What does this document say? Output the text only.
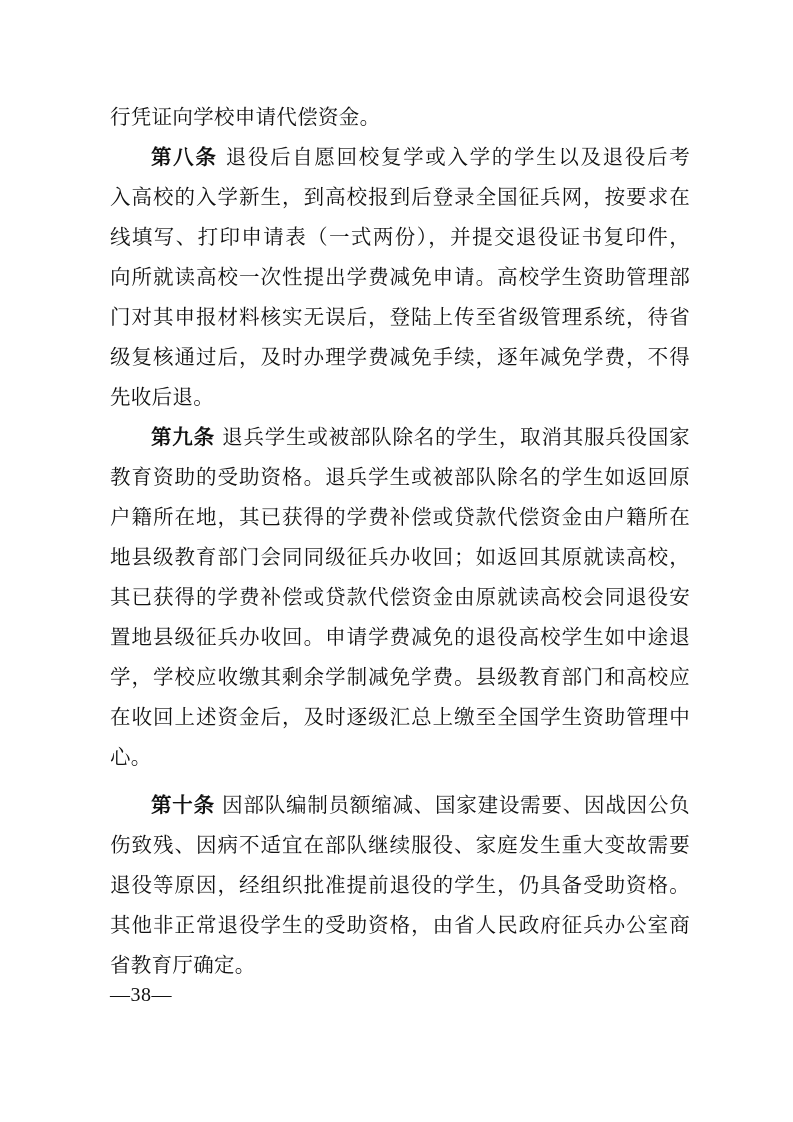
行凭证向学校申请代偿资金。
第八条 退役后自愿回校复学或入学的学生以及退役后考
入高校的入学新生，到高校报到后登录全国征兵网，按要求在
线填写、打印申请表（一式两份），并提交退役证书复印件，
向所就读高校一次性提出学费减免申请。高校学生资助管理部
门对其申报材料核实无误后，登陆上传至省级管理系统，待省
级复核通过后，及时办理学费减免手续，逐年减免学费，不得
先收后退。
第九条 退兵学生或被部队除名的学生，取消其服兵役国家
教育资助的受助资格。退兵学生或被部队除名的学生如返回原
户籍所在地，其已获得的学费补偿或贷款代偿资金由户籍所在
地县级教育部门会同同级征兵办收回；如返回其原就读高校，
其已获得的学费补偿或贷款代偿资金由原就读高校会同退役安
置地县级征兵办收回。申请学费减免的退役高校学生如中途退
学，学校应收缴其剩余学制减免学费。县级教育部门和高校应
在收回上述资金后，及时逐级汇总上缴至全国学生资助管理中
心。
第十条 因部队编制员额缩减、国家建设需要、因战因公负
伤致残、因病不适宜在部队继续服役、家庭发生重大变故需要
退役等原因，经组织批准提前退役的学生，仍具备受助资格。
其他非正常退役学生的受助资格，由省人民政府征兵办公室商
省教育厅确定。
—38—
